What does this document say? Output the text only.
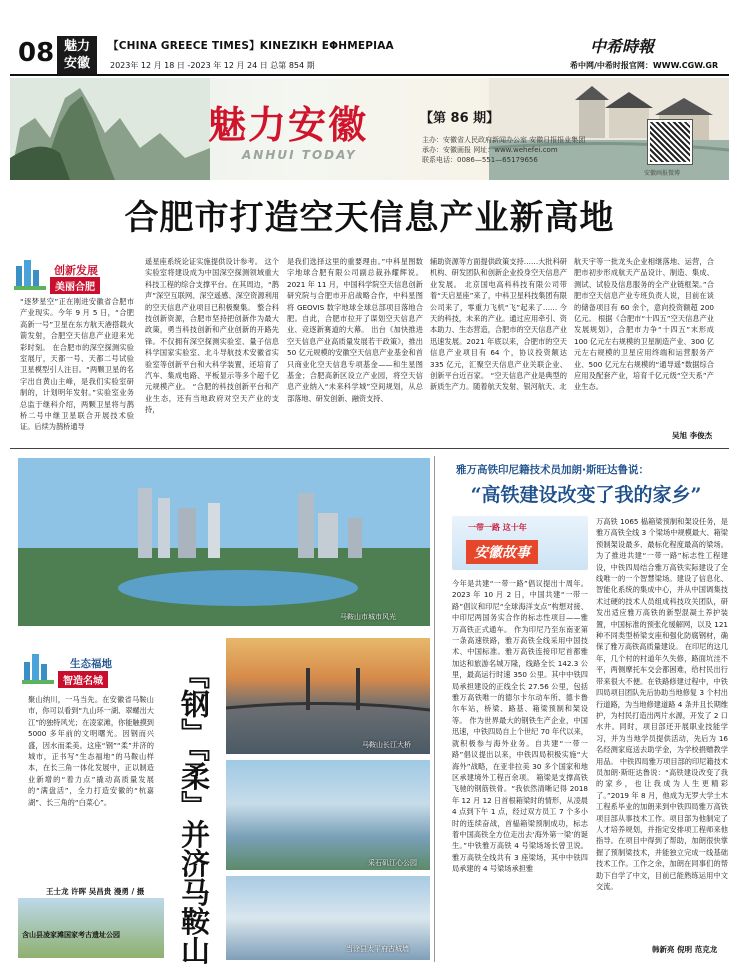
08 魅力
安徽
【CHINA GREECE TIMES】KINEZIKH EΦHMEPIAA
2023年 12 月 18 日 -2023 年 12 月 24 日 总第 854 期
中希時報
希中网/中希时报官网：WWW.CGW.GR
魅力安徽
ANHUI TODAY
【第 86 期】
主办：安徽省人民政府新闻办公室 安徽日报报业集团
承办：安徽画报 网址：www.wehefei.com
联系电话：0086—551—65179656
安徽画报微博
合肥市打造空天信息产业新高地
创新发展
美丽合肥
“逐梦星空”正在刚进安徽省合肥市产业现实。今年 9 月 5 日，“合肥高新一号”卫星在东方航天港搭载火箭发射，合肥空天信息产业迎来光彩时刻。 在合肥市的深空探测实验室展厅，天都一号、天都二号试验卫星模型引人注目。“两颗卫星的名字出自黄山主峰，是我们实验室研制的，计划明年发射。”实验室业务总监于继科介绍，两颗卫星将与鹊桥二号中继卫星联合开展技术验证。后续为鹊桥通导
遥星座系统论证实施提供设计参考。 这个实验室将建设成为中国深空探测领域重大科技工程的综合支撑平台。在其周边，“鹊声”深空互联网、深空遥感、深空资源利用的空天信息产业项目已积极聚集。 整合科技创新资源，合肥市坚持把创新作为最大政策，勇当科技创新和产业创新的开路先锋。不仅拥有深空探测实验室、量子信息科学国家实验室、北斗导航技术安徽省实验室等创新平台和大科学装置，还培育了汽车、集成电路、平板显示等多个超千亿元规模产业。 “合肥的科技创新平台和产业生态，还有当地政府对空天产业的支持，
是我们选择这里的重要理由。”中科星图数字地球合肥有限公司副总裁孙耀辉说。 2021 年 11 月，中国科学院空天信息创新研究院与合肥市开启战略合作，中科星图将 GEOVIS 数字地球全球总部项目落地合肥。自此，合肥市拉开了谋划空天信息产业、竞逐新赛道的大幕。 出台《加快推进空天信息产业高质量发展若干政策》，推出 50 亿元规模的安徽空天信息产业基金和首只商业化空天信息专项基金——和生星图基金；合肥高新区设立产业园，将空天信息产业纳入“未来科学城”空间规划，从总部落地、研发创新、融资支持、
辅助资源等方面提供政策支持……大批科研机构、研发团队和创新企业投身空天信息产业发展。 北京国电高科科技有限公司带着“天启星座”来了，中科卫星科技集团有限公司来了，零重力飞机“飞”起来了…… 今天的科技，未来的产业。通过应用牵引、资本助力、生态营造，合肥市的空天信息产业迅速发展。2021 年底以来，合肥市的空天信息产业项目有 64 个，协议投资额达 335 亿元，汇聚空天信息产业关联企业、创新平台近百家。 “空天信息产业是典型的新质生产力。随着航天发射、银河航天、北
航天宇等一批龙头企业相继落地、运营，合肥市初步形成航天产品设计、制造、集成、测试、试验及信息服务的全产业链框架。”合肥市空天信息产业专班负责人说，目前在谈的储备项目有 60 余个，意向投资额超 200 亿元。 根据《合肥市“十四五”空天信息产业发展规划》，合肥市力争“十四五”末形成 100 亿元左右规模的卫星制造产业、300 亿元左右规模的卫星应用终端和运营服务产业、500 亿元左右规模的“通导遥”数据综合应用及配套产业，培育千亿元级“空天系”产业生态。
吴旭 李俊杰
马鞍山市城市风光
生态福地
智造名城
聚山纳川，一马当先。在安徽省马鞍山市，你可以看到“九山环一湖、翠螺出大江”的独特风光；在凌家滩，你能触摸到 5000 多年前的文明曙光。因钢而兴盛，因水而柔美。这座“钢”“柔”并济的城市，正书写“生态福地”的马鞍山样本，在长三角一体化发展中，正以制造业新增的“着力点”撬动高质量发展的“满盘活”，全力打造安徽的“杭嘉湖”、长三角的“白菜心”。
王士龙 许晖 吴昌贵 漫勇 / 摄
含山县凌家滩国家考古遗址公园	『钢』『柔』并济马鞍山	马鞍山长江大桥
采石矶江心公园
当涂县太平府古城墙
雅万高铁印尼籍技术员加朗·斯旺达鲁说：
“高铁建设改变了我的家乡”
一带一路 这十年
安徽故事
今年是共建“一带一路”倡议提出十周年。2023 年 10 月 2 日，中国共建“一带一路”倡议和印尼“全球海洋支点”构想对接、中印尼两国务实合作的标志性项目——雅万高铁正式通车。 作为印尼乃至东南亚第一条高速铁路，雅万高铁全线采用中国技术、中国标准。雅万高铁连接印尼首都雅加达和旅游名城万隆，线路全长 142.3 公里，最高运行时速 350 公里。其中中铁四局承担建设的正线全长 27.56 公里，包括雅万高铁唯一的德尔卡尔动车所、德卡鲁尔车站，桥梁、路基、箱梁预制和架设等。 作为世界最大的钢铁生产企业，中国迅速，中铁四局自上个世纪 70 年代以来，就积极参与海外业务。自共建“一带一路”倡议提出以来，中铁四局积极实施“大海外”战略，在亚非拉美 30 多个国家和地区承建境外工程百余项。 箱梁是支撑高铁飞驰的钢筋铁骨。“我依然清晰记得 2018 年 12 月 12 日首根箱梁时的情形，从凌晨 4 点到下午 1 点，经过双方员工 7 个多小时的连续奋战，首榀箱梁预制成功，标志着中国高铁全方位走出去‘海外第一梁’的诞生。”中铁雅万高铁 4 号梁场场长曾卫说。 雅万高铁全线共有 3 座梁场，其中中铁四局承建的 4 号梁场承担雅
万高铁 1065 榀箱梁预制和架设任务，是雅万高铁全线 3 个梁场中规模最大、箱梁预制架设最多、最标化程度最高的梁场。为了推进共建“一带一路”标志性工程建设，中铁四局结合雅万高铁实际建设了全线唯一的一个智慧梁场。建设了信息化、智能化系统的集成中心，并从中国调集技术过硬的技术人员组成科技攻关团队，研发出适应雅万高铁的新型混凝土养护装置，中国标准的预张化缓解网，以及 121 种不同类型桥梁支座和强化防腐钢材，确保了雅万高铁高质量建设。 在印尼的这几年，几个村的村道年久失修，路面坑洼不平，两侧摩托车交会都困难，给村民出行带来很大不便。在铁路修建过程中，中铁四局项目团队先后协助当地修复 3 个村出行道路，为当地修建道路 4 条并且长期维护，为村民打造出两片水源，开发了 2 口水井。同时，项目部还开展职业技能学习，并为当地学员提供活动，先后为 16 名经测家庭送去助学金，为学校捐赠教学用品。 中铁四局雅万项目部的印尼籍技术员加朗·斯旺达鲁说：“高铁建设改变了我的家乡，也让我成为人生更精彩了。”2019 年 8 月，他成为无罗大学土木工程系毕业的加朗来到中铁四局雅万高铁项目部从事技术工作。项目部为他制定了人才培养规划，并指定安排项工程师来他指导。在项目中得到了帮助，加朗很快掌握了预制梁技术，并能独立完成一线基础技术工作。工作之余，加朗在同事们的帮助下自学了中文，目前已能熟练运用中文交流。
韩新亮 倪明 范克龙
